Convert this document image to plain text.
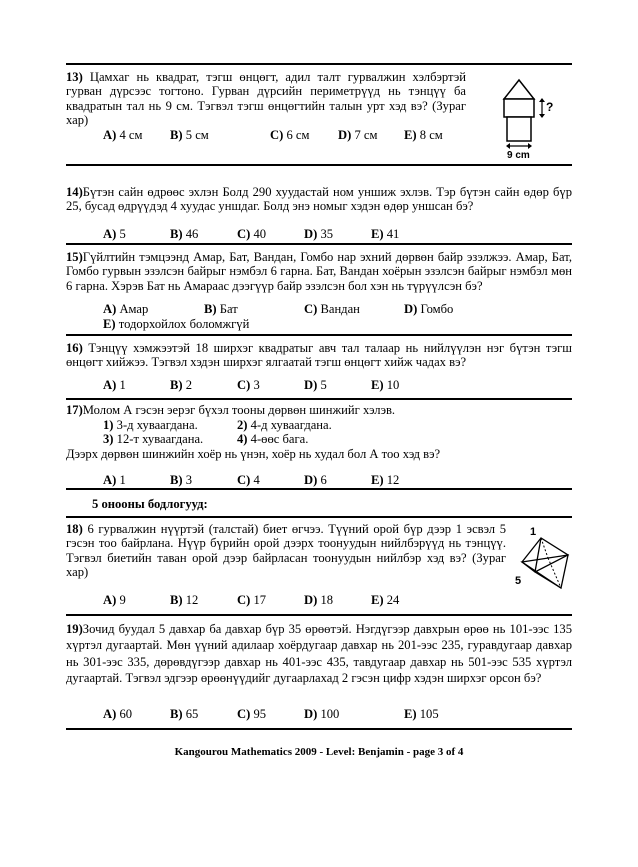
13) Цамхаг нь квадрат, тэгш өнцөгт, адил талт гурвалжин хэлбэртэй гурван дүрсээс тогтоно. Гурван дүрсийн периметрүүд нь тэнцүү ба квадратын тал нь 9 см. Тэгвэл тэгш өнцөгтийн талын урт хэд вэ? (Зураг хар)
?
9 cm
A) 4 см B) 5 см	C) 6 см D) 7 см E) 8 см
14)Бүтэн сайн өдрөөс эхлэн Болд 290 хуудастай ном уншиж эхлэв. Тэр бүтэн сайн өдөр бүр 25, бусад өдрүүдэд 4 хуудас уншдаг. Болд энэ номыг хэдэн өдөр уншсан бэ?
A) 5	B) 46	C) 40	D) 35	E) 41
15)Гүйлтийн тэмцээнд Амар, Бат, Вандан, Гомбо нар эхний дөрвөн байр эзэлжээ. Амар, Бат, Гомбо гурвын эзэлсэн байрыг нэмбэл 6 гарна. Бат, Вандан хоёрын эзэлсэн байрыг нэмбэл мөн 6 гарна. Хэрэв Бат нь Амараас дээгүүр байр эзэлсэн бол хэн нь түрүүлсэн бэ?
A) Амар	B) Бат	C) Вандан	D) Гомбо
E) тодорхойлох боломжгүй
16) Тэнцүү хэмжээтэй 18 ширхэг квадратыг авч тал талаар нь нийлүүлэн нэг бүтэн тэгш өнцөгт хийжээ. Тэгвэл хэдэн ширхэг ялгаатай тэгш өнцөгт хийж чадах вэ?
A) 1	B) 2	C) 3	D) 5	E) 10
17)Молом А гэсэн эерэг бүхэл тооны дөрвөн шинжийг хэлэв.
1) 3-д хуваагдана.	2) 4-д хуваагдана.
3) 12-т хуваагдана.	4) 4-өөс бага.
Дээрх дөрвөн шинжийн хоёр нь үнэн, хоёр нь худал бол А тоо хэд вэ?
A) 1	B) 3	C) 4	D) 6	E) 12
5 онооны бодлогууд:
18) 6 гурвалжин нүүртэй (талстай) биет өгчээ. Түүний орой бүр дээр 1 эсвэл 5 гэсэн тоо байрлана. Нүүр бүрийн орой дээрх тоонуудын нийлбэрүүд нь тэнцүү. Тэгвэл биетийн таван орой дээр байрласан тоонуудын нийлбэр хэд вэ? (Зураг хар)
1
5
A) 9	B) 12	C) 17	D) 18	E) 24
19)Зочид буудал 5 давхар ба давхар бүр 35 өрөөтэй. Нэгдүгээр давхрын өрөө нь 101-ээс 135 хүртэл дугаартай. Мөн үүний адилаар хоёрдугаар давхар нь 201-ээс 235, гуравдугаар давхар нь 301-ээс 335, дөрөвдүгээр давхар нь 401-ээс 435, тавдугаар давхар нь 501-ээс 535 хүртэл дугаартай. Тэгвэл эдгээр өрөөнүүдийг дугаарлахад 2 гэсэн цифр хэдэн ширхэг орсон бэ?
A) 60	B) 65	C) 95	D) 100	E) 105
Kangourou Mathematics 2009 - Level: Benjamin - page 3 of 4
